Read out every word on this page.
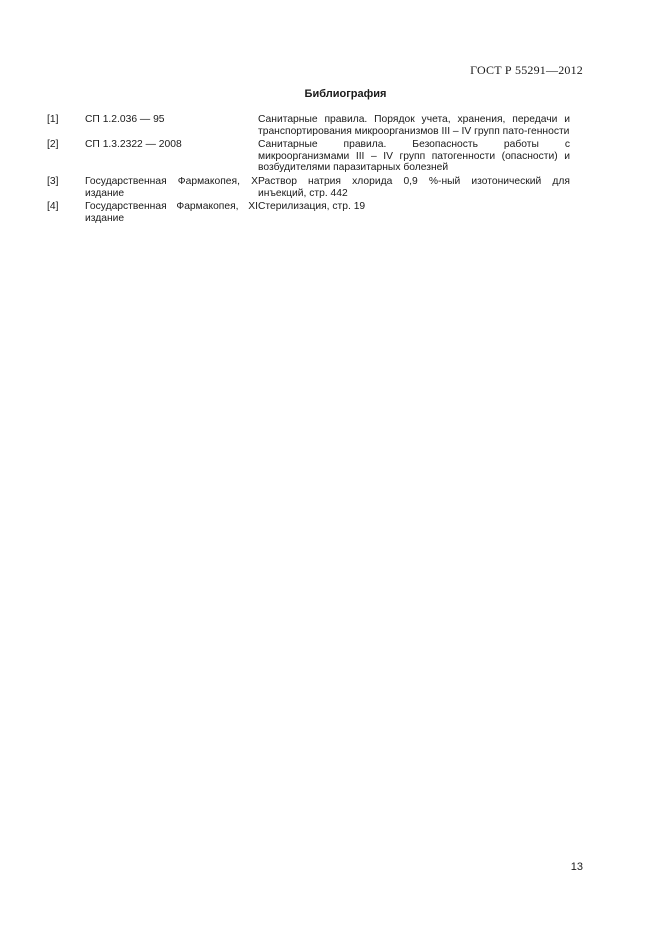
ГОСТ Р 55291—2012
Библиография
[1]	СП 1.2.036 — 95	Санитарные правила. Порядок учета, хранения, передачи и транспортирования микроорганизмов III – IV групп пато-генности
[2]	СП 1.3.2322 — 2008	Санитарные правила. Безопасность работы с микроорганизмами III – IV групп патогенности (опасности) и возбудителями паразитарных болезней
[3]	Государственная Фармакопея, X издание	Раствор натрия хлорида 0,9 %-ный изотонический для инъекций, стр. 442
[4]	Государственная Фармакопея, XI издание	Стерилизация, стр. 19
13
